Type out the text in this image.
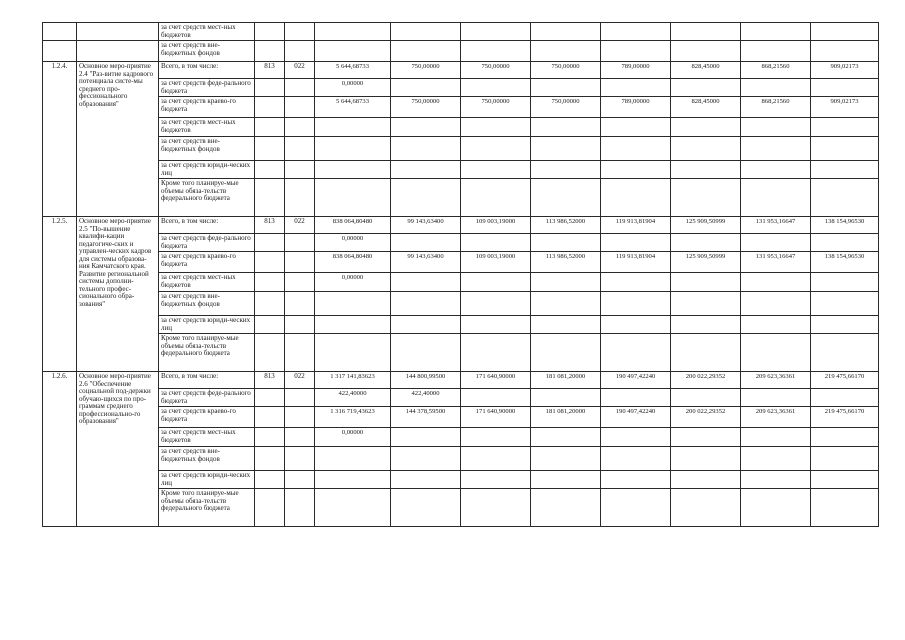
		за счет средств мест-ных бюджетов										
		за счет средств вне-бюджетных фондов										
1.2.4.	Основное меро-приятие 2.4 "Раз-витие кадрового потенциала систе-мы среднего про-фессионального образования"	Всего, в том числе:	813	022	5 644,68733	750,00000	750,00000	750,00000	789,00000	828,45000	868,21560	909,02173
		за счет средств феде-рального бюджета			0,00000							
		за счет средств краево-го бюджета			5 644,68733	750,00000	750,00000	750,00000	789,00000	828,45000	868,21560	909,02173
		за счет средств мест-ных бюджетов										
		за счет средств вне-бюджетных фондов										
		за счет средств юриди-ческих лиц										
		Кроме того планируе-мые объемы обяза-тельств федерального бюджета										
1.2.5.	Основное меро-приятие 2.5 "По-вышение квалифи-кации педагогиче-ских и управлен-ческих кадров для системы образова-ния Камчатского края. Развитие региональной системы дополни-тельного профес-сионального обра-зования"	Всего, в том числе:	813	022	838 064,80480	99 143,63400	109 003,19000	113 986,52000	119 913,81904	125 909,50999	131 953,16647	138 154,96530
		за счет средств феде-рального бюджета			0,00000							
		за счет средств краево-го бюджета			838 064,80480	99 143,63400	109 003,19000	113 986,52000	119 913,81904	125 909,50999	131 953,16647	138 154,96530
		за счет средств мест-ных бюджетов			0,00000							
		за счет средств вне-бюджетных фондов										
		за счет средств юриди-ческих лиц										
		Кроме того планируе-мые объемы обяза-тельств федерального бюджета										
1.2.6.	Основное меро-приятие 2.6 "Обеспечение социальной под-держки обучаю-щихся по про-граммам среднего профессионально-го образования"	Всего, в том числе:	813	022	1 317 141,83623	144 800,99500	171 640,90000	181 081,20000	190 497,42240	200 022,29352	209 623,36361	219 475,66170
		за счет средств феде-рального бюджета			422,40000	422,40000						
		за счет средств краево-го бюджета			1 316 719,43623	144 378,59500	171 640,90000	181 081,20000	190 497,42240	200 022,29352	209 623,36361	219 475,66170
		за счет средств мест-ных бюджетов			0,00000							
		за счет средств вне-бюджетных фондов										
		за счет средств юриди-ческих лиц										
		Кроме того планируе-мые объемы обяза-тельств федерального бюджета										
